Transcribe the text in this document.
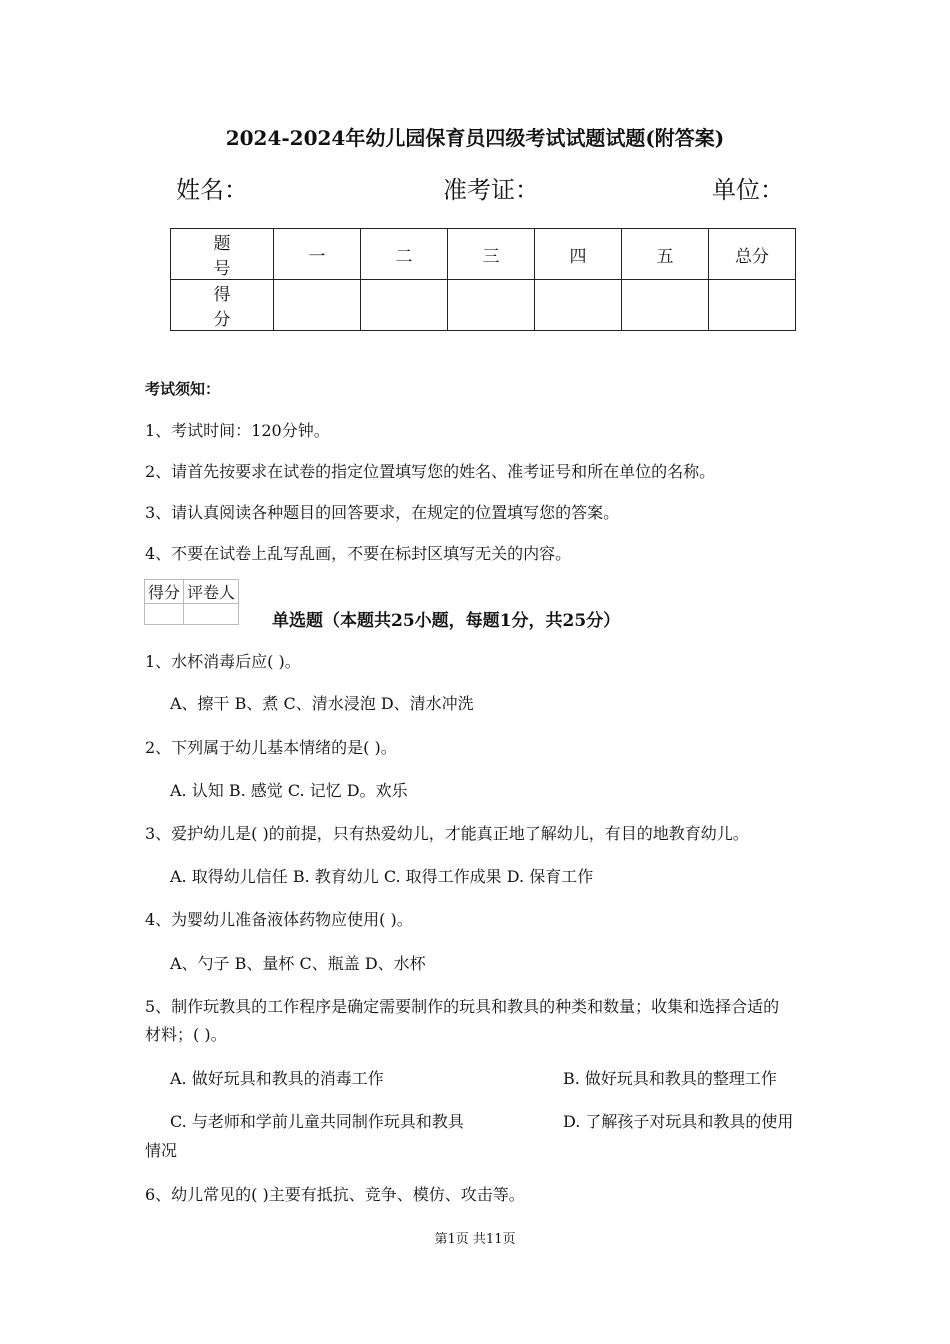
2024-2024年幼儿园保育员四级考试试题试题(附答案)
姓名：	准考证：	单位：
题 号	一	二	三	四	五	总分
得 分						
考试须知：
1、考试时间：120分钟。
2、请首先按要求在试卷的指定位置填写您的姓名、准考证号和所在单位的名称。
3、请认真阅读各种题目的回答要求，在规定的位置填写您的答案。
4、不要在试卷上乱写乱画，不要在标封区填写无关的内容。
得分	评卷人

单选题（本题共25小题，每题1分，共25分）
1、水杯消毒后应( )。
A、擦干 B、煮 C、清水浸泡 D、清水冲洗
2、下列属于幼儿基本情绪的是( )。
A. 认知 B. 感觉 C. 记忆 D。欢乐
3、爱护幼儿是( )的前提，只有热爱幼儿，才能真正地了解幼儿，有目的地教育幼儿。
A. 取得幼儿信任 B. 教育幼儿 C. 取得工作成果 D. 保育工作
4、为婴幼儿准备液体药物应使用( )。
A、勺子 B、量杯 C、瓶盖 D、水杯
5、制作玩教具的工作程序是确定需要制作的玩具和教具的种类和数量；收集和选择合适的
材料；( )。
A. 做好玩具和教具的消毒工作	B. 做好玩具和教具的整理工作
C. 与老师和学前儿童共同制作玩具和教具	D. 了解孩子对玩具和教具的使用
情况
6、幼儿常见的( )主要有抵抗、竞争、模仿、攻击等。
第1页 共11页
